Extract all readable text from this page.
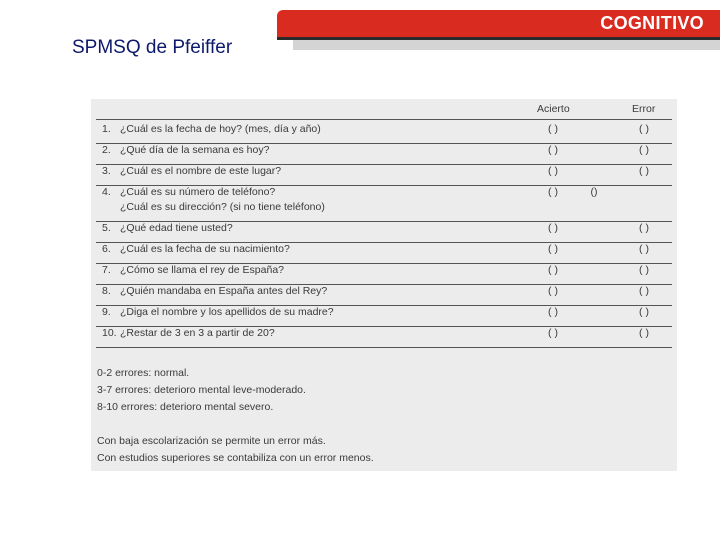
COGNITIVO
SPMSQ de Pfeiffer
Acierto	Error
1. ¿Cuál es la fecha de hoy? (mes, día y año)	( )	( )
2. ¿Qué día de la semana es hoy?	( )	( )
3. ¿Cuál es el nombre de este lugar?	( )	( )
4. ¿Cuál es su número de teléfono?
¿Cuál es su dirección? (si no tiene teléfono)
( )	()
5. ¿Qué edad tiene usted?	( )	( )
6. ¿Cuál es la fecha de su nacimiento?	( )	( )
7. ¿Cómo se llama el rey de España?	( )	( )
8. ¿Quién mandaba en España antes del Rey?	( )	( )
9. ¿Diga el nombre y los apellidos de su madre?	( )	( )
10. ¿Restar de 3 en 3 a partir de 20?	( )	( )
0-2 errores: normal.
3-7 errores: deterioro mental leve-moderado.
8-10 errores: deterioro mental severo.
Con baja escolarización se permite un error más.
Con estudios superiores se contabiliza con un error menos.
